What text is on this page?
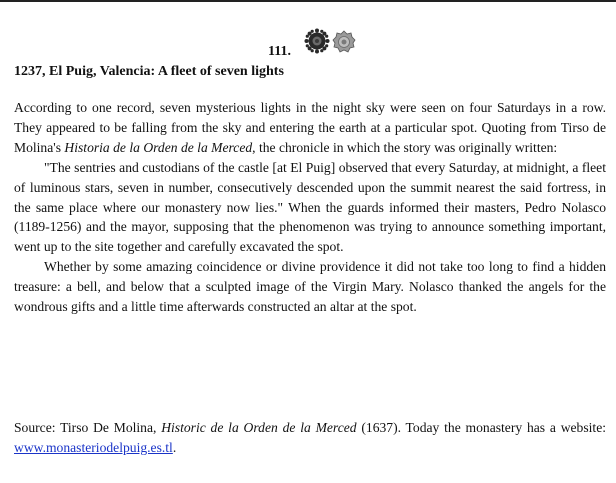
111.
1237, El Puig, Valencia: A fleet of seven lights

According to one record, seven mysterious lights in the night sky were seen on four Saturdays in a row. They appeared to be falling from the sky and entering the earth at a particular spot. Quoting from Tirso de Molina's Historia de la Orden de la Merced, the chronicle in which the story was originally written:

"The sentries and custodians of the castle [at El Puig] observed that every Saturday, at midnight, a fleet of luminous stars, seven in number, consecutively descended upon the summit nearest the said fortress, in the same place where our monastery now lies." When the guards informed their masters, Pedro Nolasco (1189-1256) and the mayor, supposing that the phenomenon was trying to announce something important, went up to the site together and carefully excavated the spot.

Whether by some amazing coincidence or divine providence it did not take too long to find a hidden treasure: a bell, and below that a sculpted image of the Virgin Mary. Nolasco thanked the angels for the wondrous gifts and a little time afterwards constructed an altar at the spot.

Source: Tirso De Molina, Historic de la Orden de la Merced (1637). Today the monastery has a website: www.monasteriodelpuig.es.tl.
